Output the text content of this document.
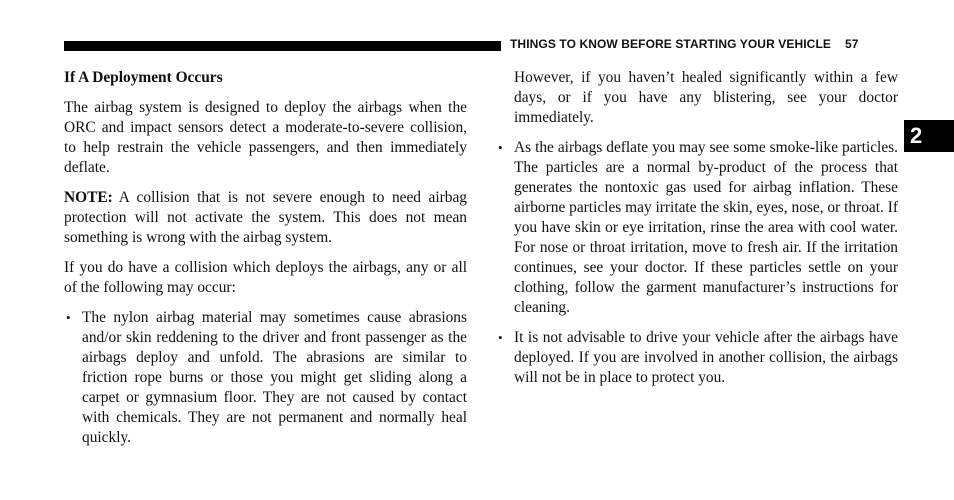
THINGS TO KNOW BEFORE STARTING YOUR VEHICLE 57
2

If A Deployment Occurs

The airbag system is designed to deploy the airbags when the ORC and impact sensors detect a moderate-to-severe collision, to help restrain the vehicle passengers, and then immediately deflate.

NOTE: A collision that is not severe enough to need airbag protection will not activate the system. This does not mean something is wrong with the airbag system.

If you do have a collision which deploys the airbags, any or all of the following may occur:

• The nylon airbag material may sometimes cause abrasions and/or skin reddening to the driver and front passenger as the airbags deploy and unfold. The abrasions are similar to friction rope burns or those you might get sliding along a carpet or gymnasium floor. They are not caused by contact with chemicals. They are not permanent and normally heal quickly.

However, if you haven’t healed significantly within a few days, or if you have any blistering, see your doctor immediately.

• As the airbags deflate you may see some smoke-like particles. The particles are a normal by-product of the process that generates the nontoxic gas used for airbag inflation. These airborne particles may irritate the skin, eyes, nose, or throat. If you have skin or eye irritation, rinse the area with cool water. For nose or throat irritation, move to fresh air. If the irritation continues, see your doctor. If these particles settle on your clothing, follow the garment manufacturer’s instructions for cleaning.
• It is not advisable to drive your vehicle after the airbags have deployed. If you are involved in another collision, the airbags will not be in place to protect you.
